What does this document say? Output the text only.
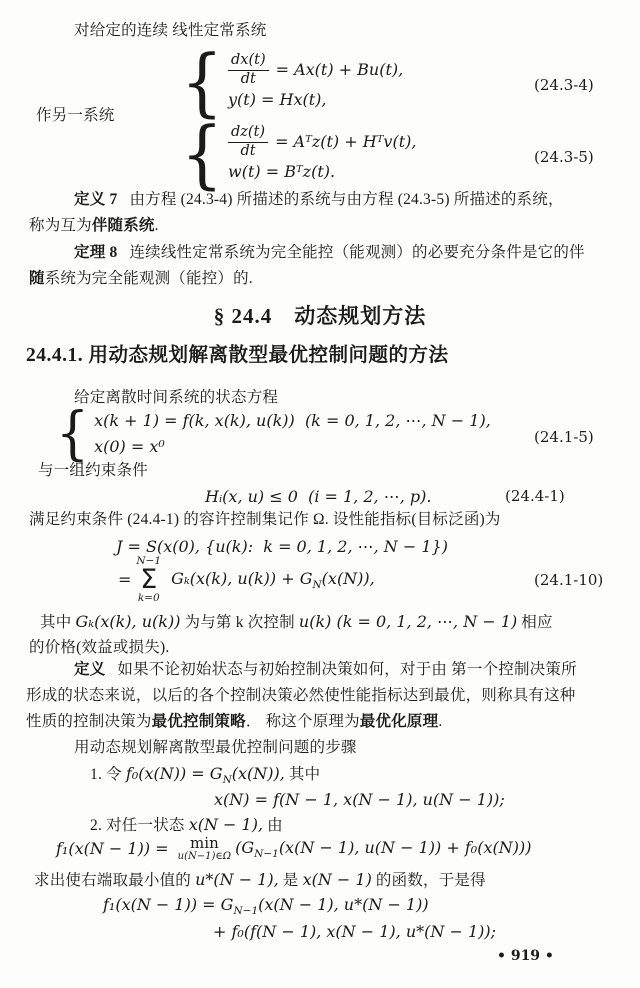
对给定的连续 线性定常系统
{ $\frac{dx(t)}{dt} = Ax(t) + Bu(t)$,
y(t) = Hx(t),
(24.3-4)
作另一系统 { $\frac{dz(t)}{dt}$ = Aᵀz(t) + Hᵀv(t),
w(t) = Bᵀz(t).
(24.3-5)
定义 7 由方程 (24.3-4) 所描述的系统与由方程 (24.3-5) 所描述的系统，
称为互为伴随系统.
定理 8 连续线性定常系统为完全能控（能观测）的必要充分条件是它的伴
随系统为完全能观测（能控）的.
§ 24.4　动态规划方法
24.4.1. 用动态规划解离散型最优控制问题的方法
给定离散时间系统的状态方程
{ x(k + 1) = f(k, x(k), u(k))  (k = 0, 1, 2, ⋯, N − 1),
x(0) = x⁰
(24.1-5)
与一组约束条件
Hᵢ(x, u) ≤ 0  (i = 1, 2, ⋯, p).	(24.4-1)
满足约束条件 (24.4-1) 的容许控制集记作 Ω. 设性能指标(目标泛函)为
J = S(x(0), {u(k):  k = 0, 1, 2, ⋯, N − 1})
=
N−1
Σ
k=0
Gₖ(x(k), $u(k)) + G_N(x(N))$,	(24.1-10)
其中 Gₖ(x(k), u(k)) 为与第 k 次控制 u(k) (k = 0, 1, 2, ⋯, N − 1) 相应
的价格(效益或损失).
定义 如果不论初始状态与初始控制决策如何，对于由 第一个控制决策所
形成的状态来说，以后的各个控制决策必然使性能指标达到最优，则称具有这种
性质的控制决策为最优控制策略． 称这个原理为最优化原理.
用动态规划解离散型最优控制问题的步骤
1. 令 $f_0(x(N)) = G_N(x(N))$, 其中
x(N) = f(N − 1, x(N − 1), u(N − 1));
2. 对任一状态 x(N − 1), 由
f₁(x(N − 1)) = min
u(N−1)∈Ω ($G_{N-1}(x(N - 1)$, u(N − 1)) + f₀(x(N)))
求出使右端取最小值的 u*(N − 1), 是 x(N − 1) 的函数，于是得
$f_1(x(N - 1)) = G_{N-1}(x(N - 1)$, u*(N − 1))
+ f₀(f(N − 1), x(N − 1), u*(N − 1));
• 919 •
